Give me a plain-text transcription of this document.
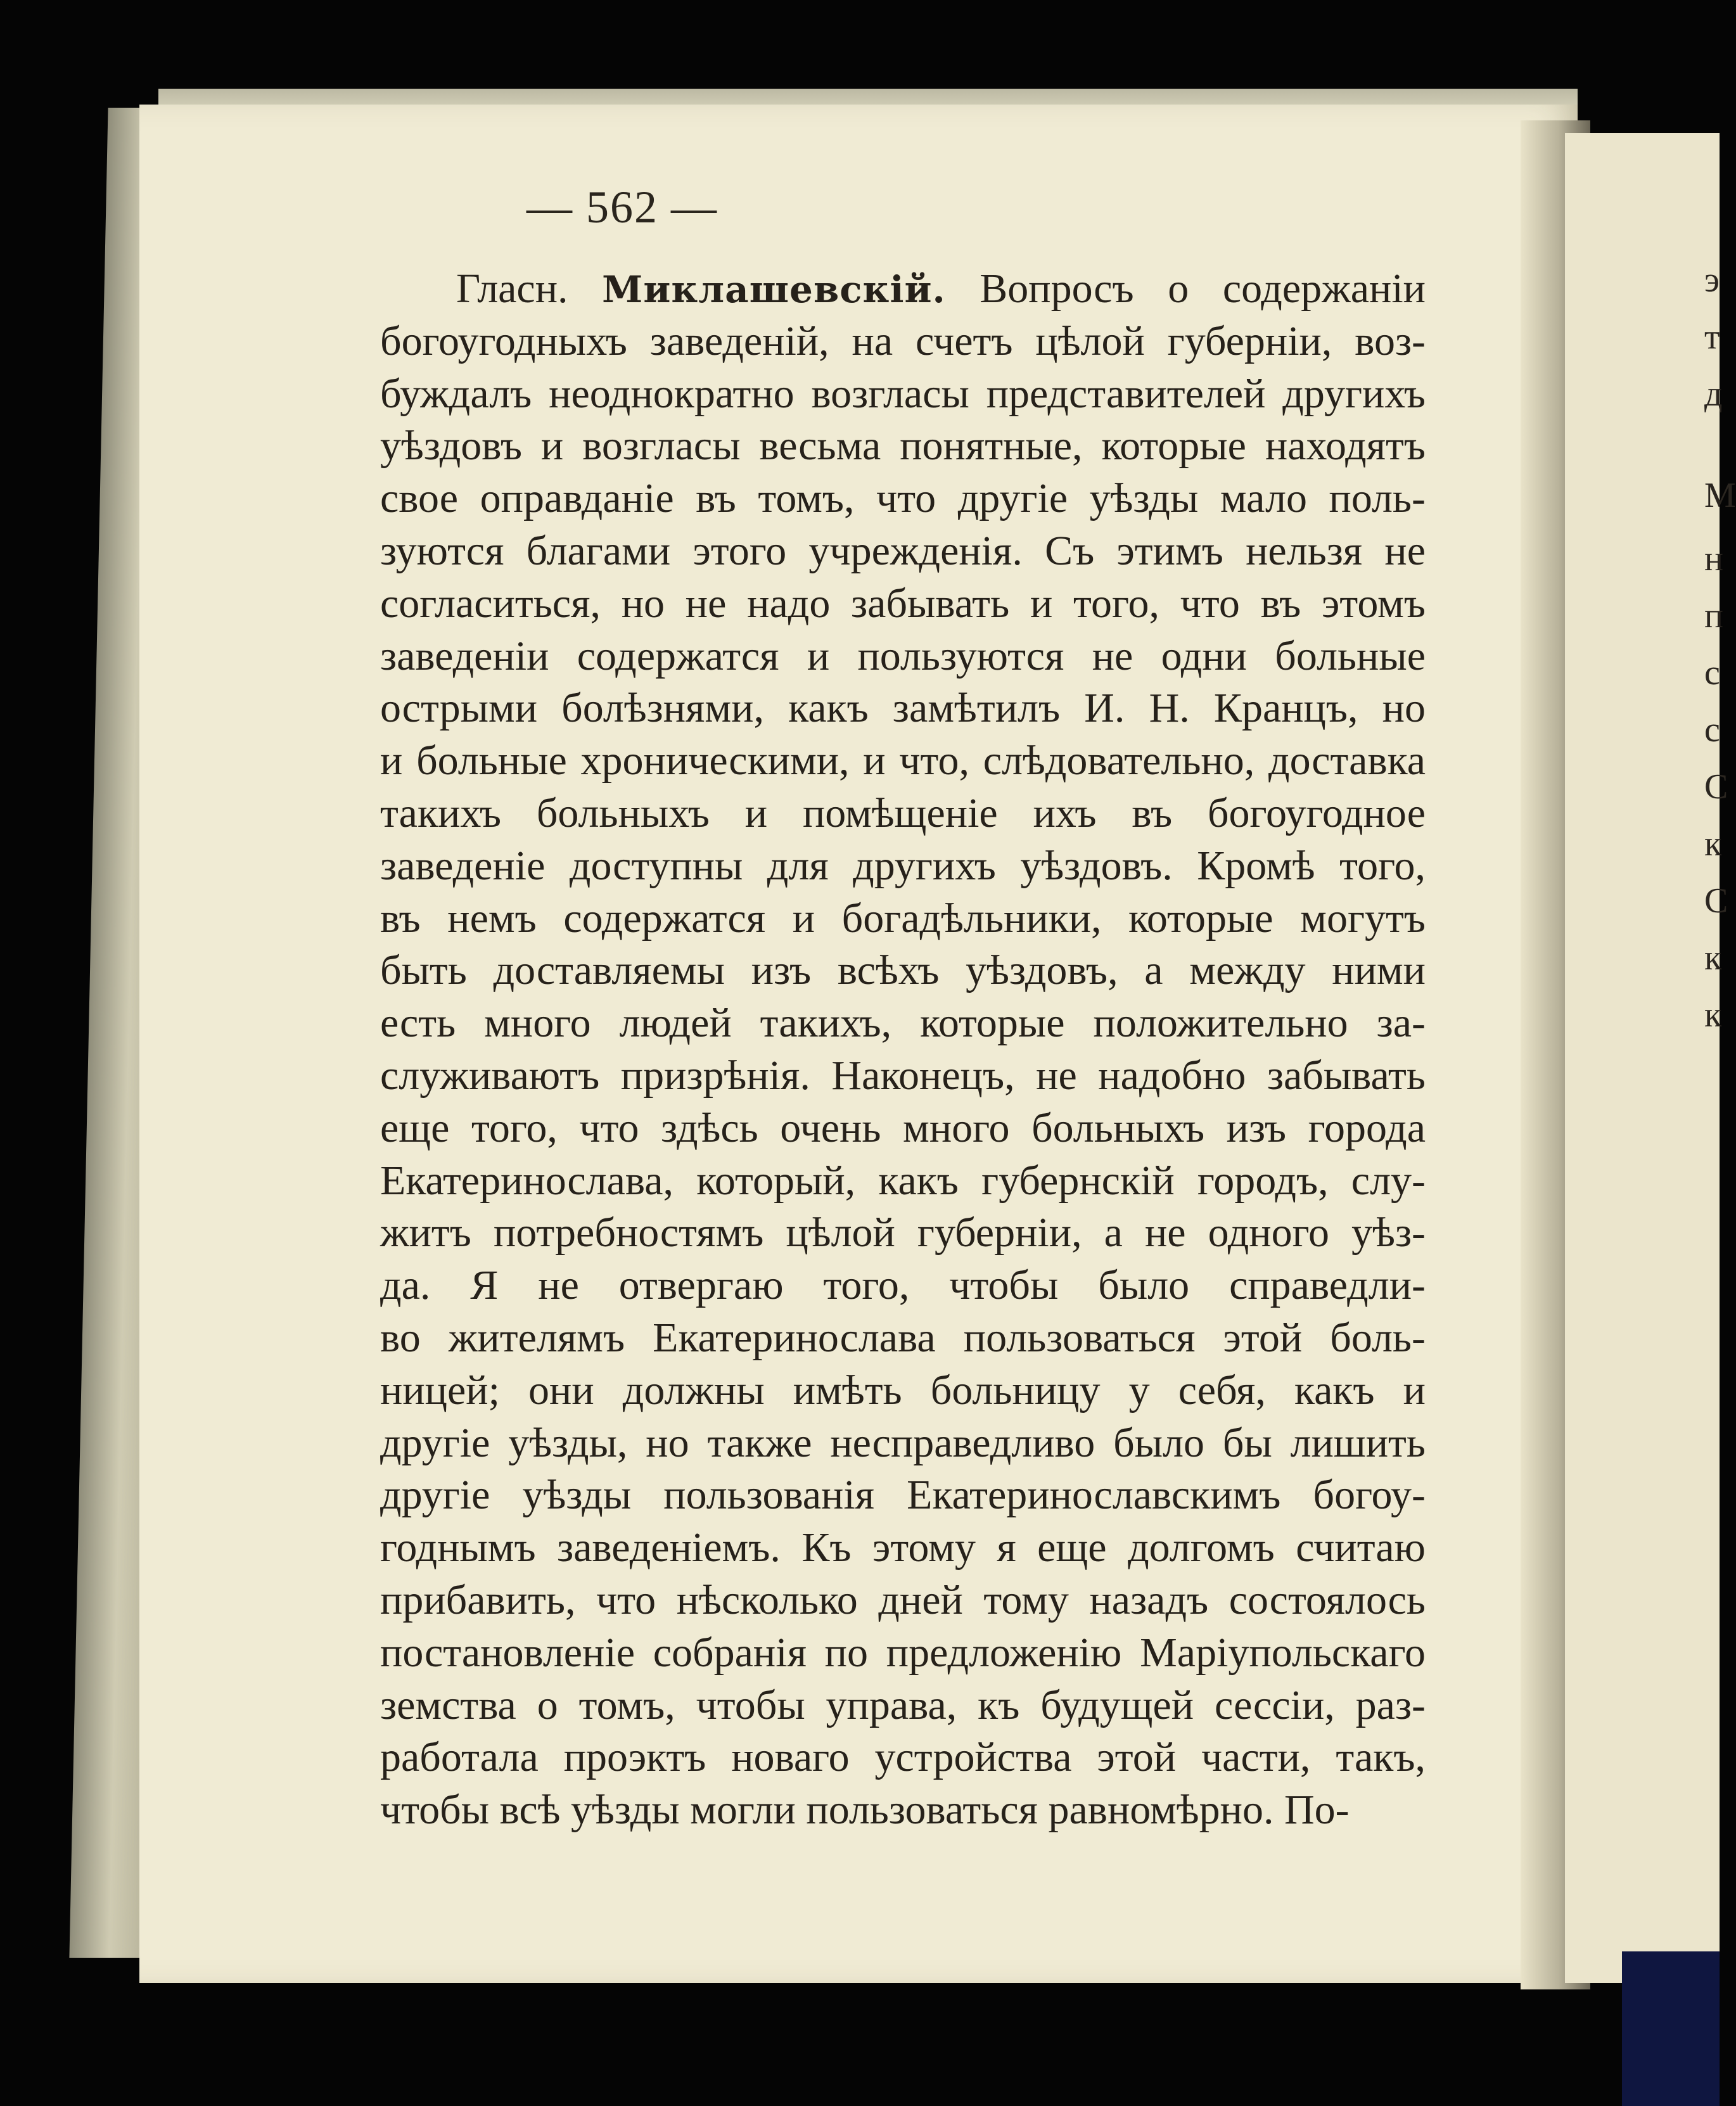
э
т
д
М
н
п
с
с
С
к
С
к
к
— 562 —
Гласн. Миклашевскій. Вопросъ о содержаніи
богоугодныхъ заведеній, на счетъ цѣлой губерніи, воз-
буждалъ неоднократно возгласы представителей другихъ
уѣздовъ и возгласы весьма понятные, которые находятъ
свое оправданіе въ томъ, что другіе уѣзды мало поль-
зуются благами этого учрежденія. Съ этимъ нельзя не
согласиться, но не надо забывать и того, что въ этомъ
заведеніи содержатся и пользуются не одни больные
острыми болѣзнями, какъ замѣтилъ И. Н. Кранцъ, но
и больные хроническими, и что, слѣдовательно, доставка
такихъ больныхъ и помѣщеніе ихъ въ богоугодное
заведеніе доступны для другихъ уѣздовъ. Кромѣ того,
въ немъ содержатся и богадѣльники, которые могутъ
быть доставляемы изъ всѣхъ уѣздовъ, а между ними
есть много людей такихъ, которые положительно за-
служиваютъ призрѣнія. Наконецъ, не надобно забывать
еще того, что здѣсь очень много больныхъ изъ города
Екатеринослава, который, какъ губернскій городъ, слу-
житъ потребностямъ цѣлой губерніи, а не одного уѣз-
да. Я не отвергаю того, чтобы было справедли-
во жителямъ Екатеринослава пользоваться этой боль-
ницей; они должны имѣть больницу у себя, какъ и
другіе уѣзды, но также несправедливо было бы лишить
другіе уѣзды пользованія Екатеринославскимъ богоу-
годнымъ заведеніемъ. Къ этому я еще долгомъ считаю
прибавить, что нѣсколько дней тому назадъ состоялось
постановленіе собранія по предложенію Маріупольскаго
земства о томъ, чтобы управа, къ будущей сессіи, раз-
работала проэктъ новаго устройства этой части, такъ,
чтобы всѣ уѣзды могли пользоваться равномѣрно. По-
